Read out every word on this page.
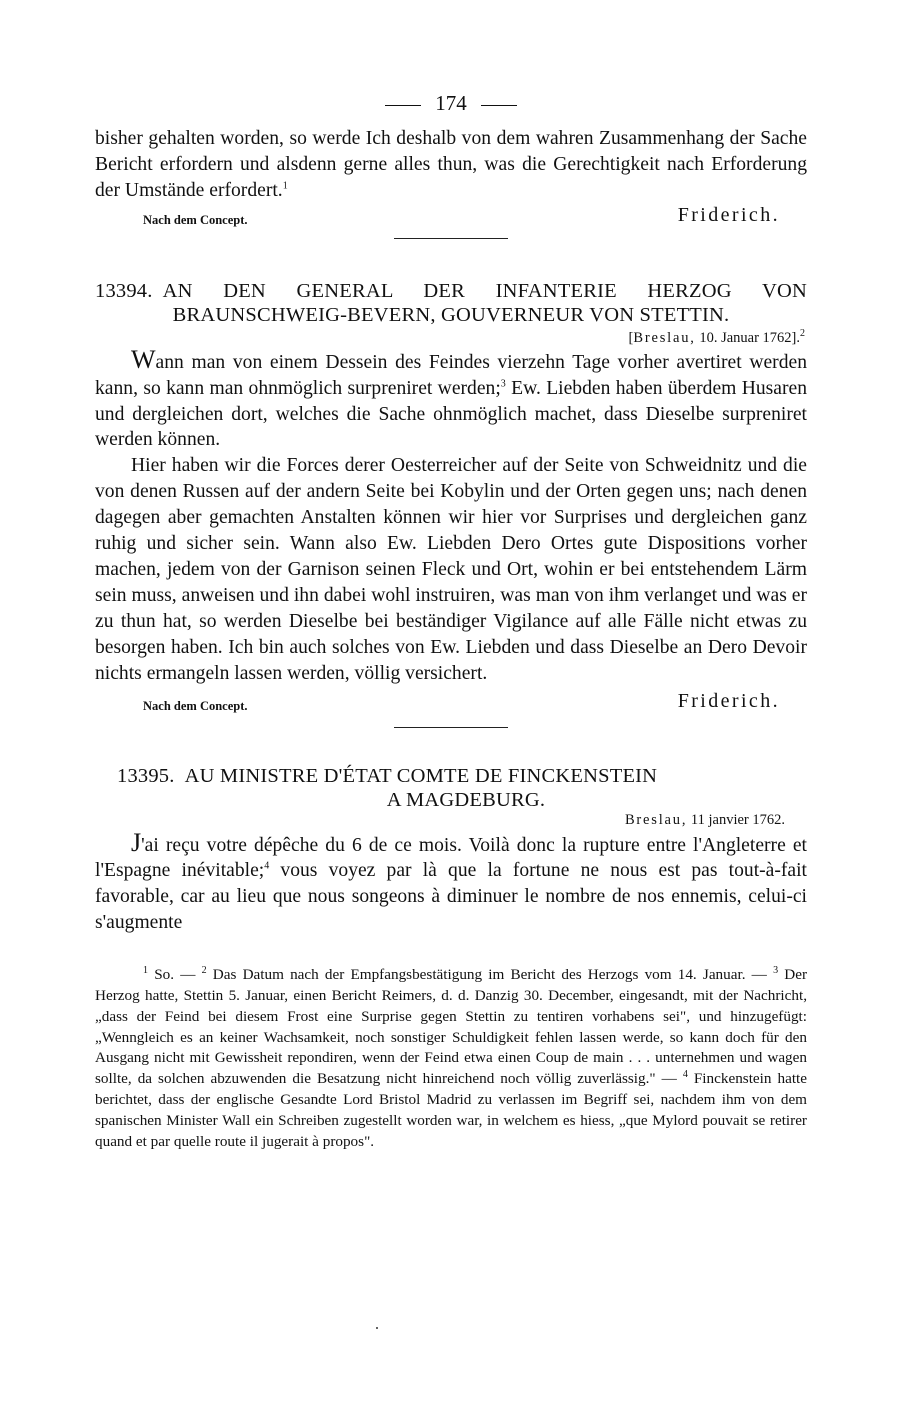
174

bisher gehalten worden, so werde Ich deshalb von dem wahren Zusammenhang der Sache Bericht erfordern und alsdenn gerne alles thun, was die Gerechtigkeit nach Erforderung der Umstände erfordert.$^1$

Nach dem Concept.	Friderich.
13394. AN DEN GENERAL DER INFANTERIE HERZOG VON
BRAUNSCHWEIG-BEVERN, GOUVERNEUR VON STETTIN.
[Breslau, 10. Januar 1762].$^2$

Wann man von einem Dessein des Feindes vierzehn Tage vorher avertiret werden kann, so kann man ohnmöglich surpreniret werden;$^3$ Ew. Liebden haben überdem Husaren und dergleichen dort, welches die Sache ohnmöglich machet, dass Dieselbe surpreniret werden können.

Hier haben wir die Forces derer Oesterreicher auf der Seite von Schweidnitz und die von denen Russen auf der andern Seite bei Kobylin und der Orten gegen uns; nach denen dagegen aber gemachten Anstalten können wir hier vor Surprises und dergleichen ganz ruhig und sicher sein. Wann also Ew. Liebden Dero Ortes gute Dispositions vorher machen, jedem von der Garnison seinen Fleck und Ort, wohin er bei entstehendem Lärm sein muss, anweisen und ihn dabei wohl instruiren, was man von ihm verlanget und was er zu thun hat, so werden Dieselbe bei beständiger Vigilance auf alle Fälle nicht etwas zu besorgen haben. Ich bin auch solches von Ew. Liebden und dass Dieselbe an Dero Devoir nichts ermangeln lassen werden, völlig versichert.

Nach dem Concept.	Friderich.
13395. AU MINISTRE D'ÉTAT COMTE DE FINCKENSTEIN
A MAGDEBURG.
Breslau, 11 janvier 1762.

J'ai reçu votre dépêche du 6 de ce mois. Voilà donc la rupture entre l'Angleterre et l'Espagne inévitable;$^4$ vous voyez par là que la fortune ne nous est pas tout-à-fait favorable, car au lieu que nous songeons à diminuer le nombre de nos ennemis, celui-ci s'augmente

$^1$ So. — $^2$ Das Datum nach der Empfangsbestätigung im Bericht des Herzogs vom 14. Januar. — $^3$ Der Herzog hatte, Stettin 5. Januar, einen Bericht Reimers, d. d. Danzig 30. December, eingesandt, mit der Nachricht, „dass der Feind bei diesem Frost eine Surprise gegen Stettin zu tentiren vorhabens sei", und hinzugefügt: „Wenngleich es an keiner Wachsamkeit, noch sonstiger Schuldigkeit fehlen lassen werde, so kann doch für den Ausgang nicht mit Gewissheit repondiren, wenn der Feind etwa einen Coup de main . . . unternehmen und wagen sollte, da solchen abzuwenden die Besatzung nicht hinreichend noch völlig zuverlässig." — $^4$ Finckenstein hatte berichtet, dass der englische Gesandte Lord Bristol Madrid zu verlassen im Begriff sei, nachdem ihm von dem spanischen Minister Wall ein Schreiben zugestellt worden war, in welchem es hiess, „que Mylord pouvait se retirer quand et par quelle route il jugerait à propos".
